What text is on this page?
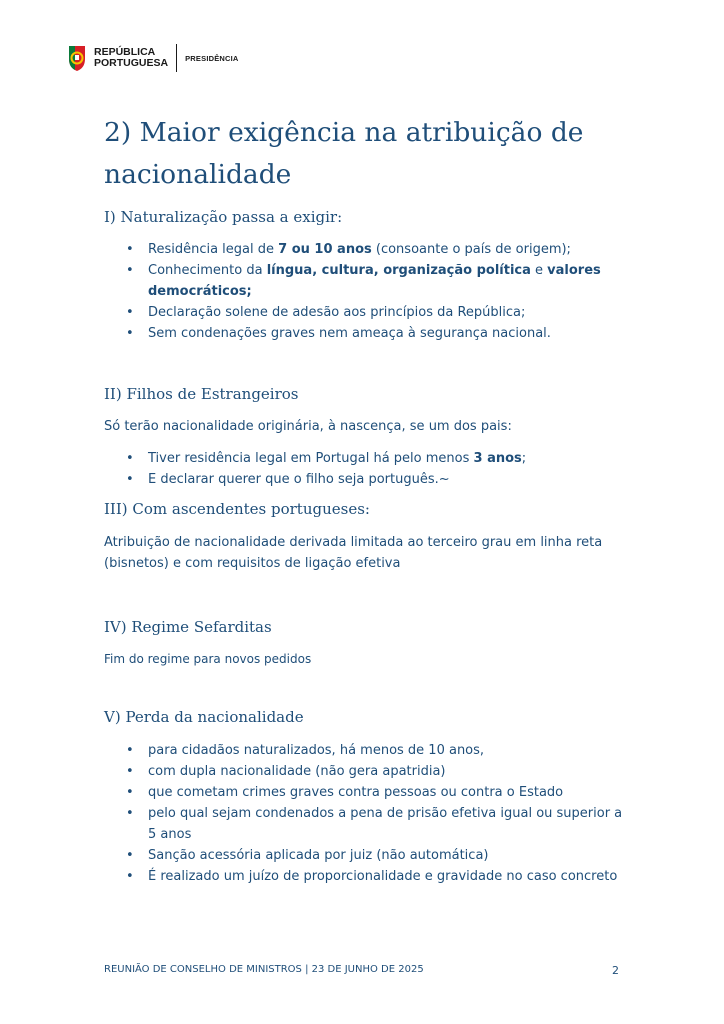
REPÚBLICA
PORTUGUESA PRESIDÊNCIA
2) Maior exigência na atribuição de nacionalidade
I) Naturalização passa a exigir:
• Residência legal de 7 ou 10 anos (consoante o país de origem);
• Conhecimento da língua, cultura, organização política e valores democráticos;
• Declaração solene de adesão aos princípios da República;
• Sem condenações graves nem ameaça à segurança nacional.
II) Filhos de Estrangeiros

Só terão nacionalidade originária, à nascença, se um dos pais:

• Tiver residência legal em Portugal há pelo menos 3 anos;
• E declarar querer que o filho seja português.~
III) Com ascendentes portugueses:

Atribuição de nacionalidade derivada limitada ao terceiro grau em linha reta (bisnetos) e com requisitos de ligação efetiva

IV) Regime Sefarditas

Fim do regime para novos pedidos

V) Perda da nacionalidade
• para cidadãos naturalizados, há menos de 10 anos,
• com dupla nacionalidade (não gera apatridia)
• que cometam crimes graves contra pessoas ou contra o Estado
• pelo qual sejam condenados a pena de prisão efetiva igual ou superior a 5 anos
• Sanção acessória aplicada por juiz (não automática)
• É realizado um juízo de proporcionalidade e gravidade no caso concreto
REUNIÃO DE CONSELHO DE MINISTROS | 23 DE JUNHO DE 2025	2
